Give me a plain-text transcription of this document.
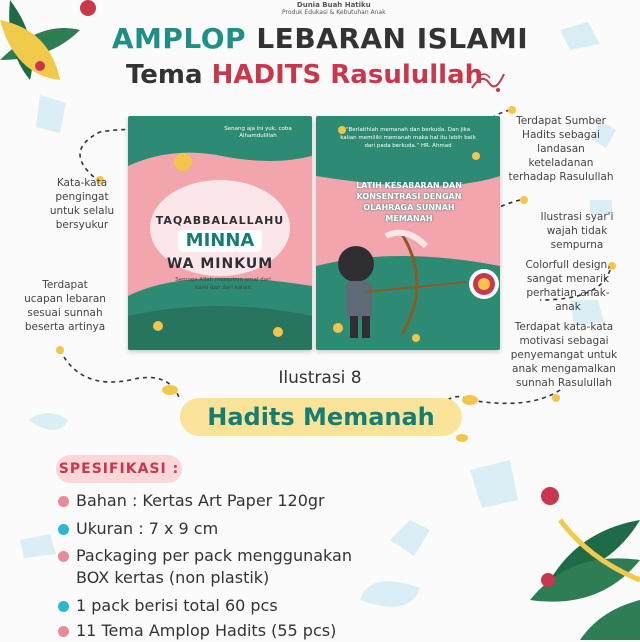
Dunia Buah Hatiku
Produk Edukasi & Kebutuhan Anak
AMPLOP LEBARAN ISLAMI
Tema HADITS Rasulullah
Senang aja ini yuk, coba Alhamdulillah
TAQABBALALLAHU
MINNA
WA MINKUM
Semoga Allah menerima amal dari kami dan dari kalian
"Berlatihlah memanah dan berkuda. Dan jika kalian memiliki memanah maka hal itu lebih baik dari pada berkuda." HR. Ahmad
LATIH KESABARAN DAN KONSENTRASI DENGAN OLAHRAGA SUNNAH MEMANAH
Kata-kata pengingat untuk selalu bersyukur
Terdapat ucapan lebaran sesuai sunnah beserta artinya
Terdapat Sumber Hadits sebagai landasan keteladanan terhadap Rasulullah
Ilustrasi syar'i wajah tidak sempurna
Colorfull design, sangat menarik perhatian anak-anak
Terdapat kata-kata motivasi sebagai penyemangat untuk anak mengamalkan sunnah Rasulullah
Ilustrasi 8
Hadits Memanah
SPESIFIKASI :
Bahan : Kertas Art Paper 120gr
Ukuran : 7 x 9 cm
Packaging per pack menggunakan
BOX kertas (non plastik)
1 pack berisi total 60 pcs
11 Tema Amplop Hadits (55 pcs)
